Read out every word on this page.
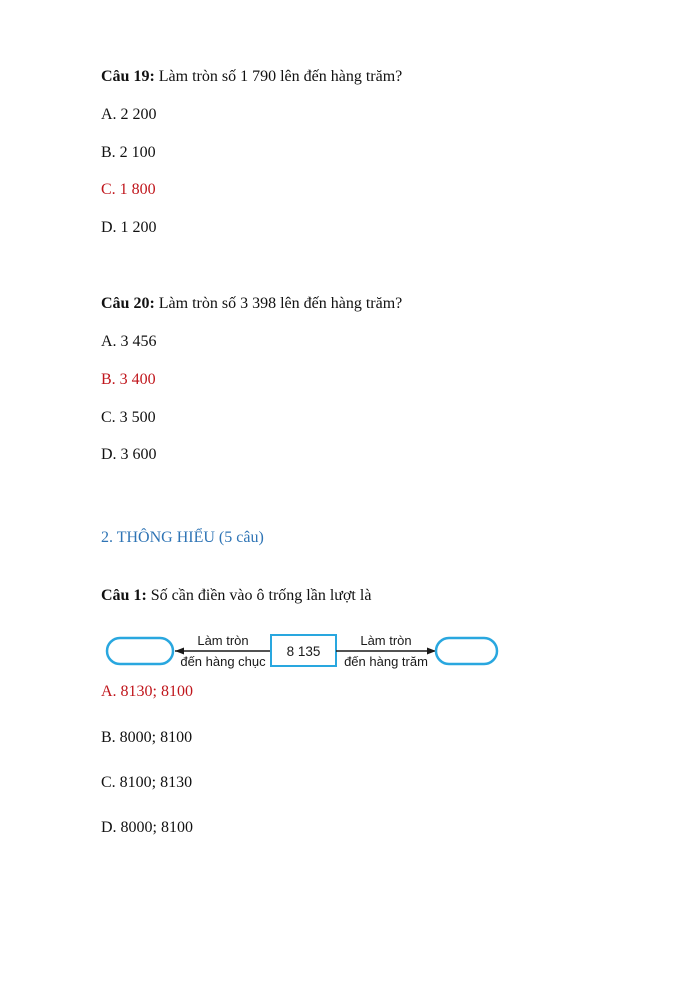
Câu 19: Làm tròn số 1 790 lên đến hàng trăm?
A. 2 200
B. 2 100
C. 1 800
D. 1 200
Câu 20: Làm tròn số 3 398 lên đến hàng trăm?
A. 3 456
B. 3 400
C. 3 500
D. 3 600
2. THÔNG HIỂU (5 câu)
Câu 1: Số cần điền vào ô trống lần lượt là
Làm tròn
đến hàng chục
8 135
Làm tròn
đến hàng trăm
A. 8130; 8100
B. 8000; 8100
C. 8100; 8130
D. 8000; 8100
